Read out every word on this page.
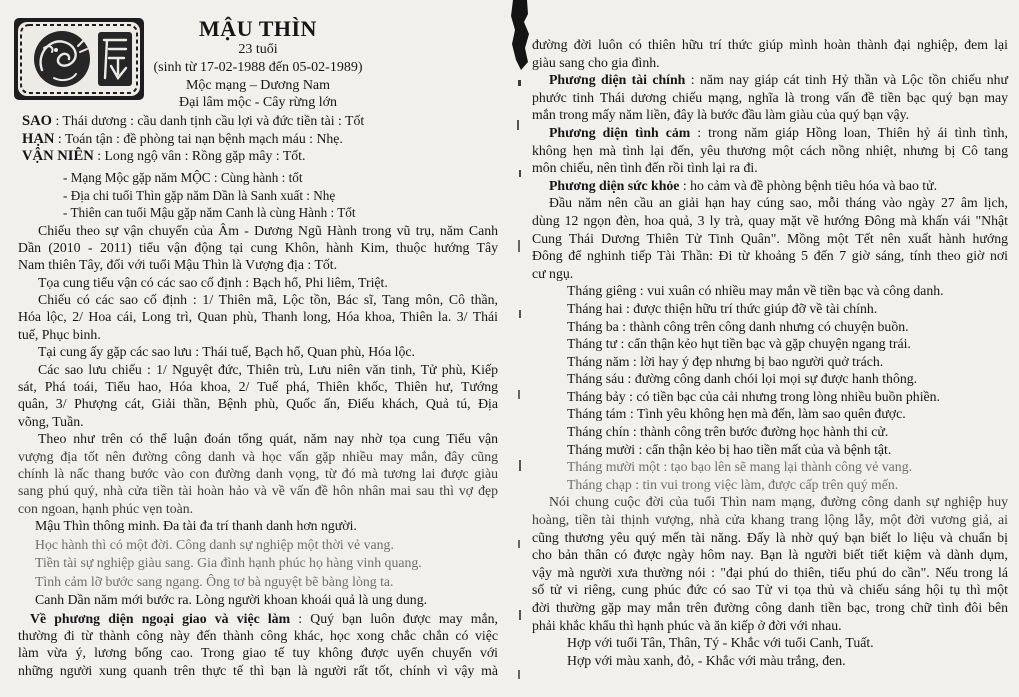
MẬU THÌN
23 tuổi
(sinh từ 17-02-1988 đến 05-02-1989)
Mộc mạng – Dương Nam
Đại lâm mộc - Cây rừng lớn
SAO : Thái dương : cầu danh tịnh cầu lợi và đức tiền tài : Tốt
HẠN : Toán tận : đề phòng tai nạn bệnh mạch máu : Nhẹ.
VẬN NIÊN : Long ngộ vân : Rồng gặp mây : Tốt.
- Mạng Mộc gặp năm MỘC : Cùng hành : tốt
- Địa chi tuổi Thìn gặp năm Dần là Sanh xuất : Nhẹ
- Thiên can tuổi Mậu gặp năm Canh là cùng Hành : Tốt
Chiếu theo sự vận chuyển của Âm - Dương Ngũ Hành trong vũ trụ, năm Canh
Dần (2010 - 2011) tiểu vận động tại cung Khôn, hành Kim, thuộc hướng Tây
Nam thiên Tây, đối với tuổi Mậu Thìn là Vượng địa : Tốt.
Tọa cung tiểu vận có các sao cố định : Bạch hổ, Phi liêm, Triệt.
Chiếu có các sao cố định : 1/ Thiên mã, Lộc tồn, Bác sĩ, Tang môn, Cô thần,
Hóa lộc, 2/ Hoa cái, Long trì, Quan phù, Thanh long, Hóa khoa, Thiên la. 3/ Thái
tuế, Phục binh.
Tại cung ấy gặp các sao lưu : Thái tuế, Bạch hổ, Quan phù, Hóa lộc.
Các sao lưu chiếu : 1/ Nguyệt đức, Thiên trù, Lưu niên văn tinh, Tử phù, Kiếp
sát, Phá toái, Tiểu hao, Hóa khoa, 2/ Tuế phá, Thiên khốc, Thiên hư, Tướng
quân, 3/ Phượng cát, Giải thần, Bệnh phù, Quốc ấn, Điếu khách, Quả tú, Địa
võng, Tuần.
Theo như trên có thể luận đoán tổng quát, năm nay nhờ tọa cung Tiểu vận
vượng địa tốt nên đường công danh và học vấn gặp nhiều may mắn, đây cũng
chính là nấc thang bước vào con đường danh vọng, từ đó mà tương lai được giàu
sang phú quý, nhà cửa tiền tài hoàn hảo và về vấn đề hôn nhân mai sau thì vợ đẹp
con ngoan, hạnh phúc vẹn toàn.
Mậu Thìn thông minh. Đa tài đa trí thanh danh hơn người.
Học hành thì có một đời. Công danh sự nghiệp một thời vẻ vang.
Tiền tài sự nghiệp giàu sang. Gia đình hạnh phúc họ hàng vinh quang.
Tình cảm lỡ bước sang ngang. Ông tơ bà nguyệt bẽ bàng lòng ta.
Canh Dần năm mới bước ra. Lòng người khoan khoái quả là ung dung.
Về phương diện ngoại giao và việc làm : Quý bạn luôn được may mắn,
thường đi từ thành công này đến thành công khác, học xong chắc chắn có việc
làm vừa ý, lương bổng cao. Trong giao tế tuy không được uyển chuyển với
những người xung quanh trên thực tế thì bạn là người rất tốt, chính vì vậy mà
đường đời luôn có thiên hữu trí thức giúp mình hoàn thành đại nghiệp, đem lại
giàu sang cho gia đình.
Phương diện tài chính : năm nay giáp cát tinh Hỷ thần và Lộc tồn chiếu như
phước tinh Thái dương chiếu mạng, nghĩa là trong vấn đề tiền bạc quý bạn may
mắn trong mấy năm liền, đây là bước đầu làm giàu của quý bạn vậy.
Phương diện tình cảm : trong năm giáp Hồng loan, Thiên hỷ ái tình tình,
không hẹn mà tình lại đến, yêu thương một cách nồng nhiệt, nhưng bị Cô tang
môn chiếu, nên tình đến rồi tình lại ra đi.
Phương diện sức khỏe : ho cảm và đề phòng bệnh tiêu hóa và bao tử.
Đầu năm nên cầu an giải hạn hay cúng sao, mỗi tháng vào ngày 27 âm lịch,
dùng 12 ngọn đèn, hoa quả, 3 ly trà, quay mặt về hướng Đông mà khấn vái "Nhật
Cung Thái Dương Thiên Tử Tinh Quân". Mồng một Tết nên xuất hành hướng
Đông để nghinh tiếp Tài Thần: Đi từ khoảng 5 đến 7 giờ sáng, tính theo giờ nơi
cư ngụ.
Tháng giêng : vui xuân có nhiều may mắn về tiền bạc và công danh.
Tháng hai : được thiện hữu trí thức giúp đỡ về tài chính.
Tháng ba : thành công trên công danh nhưng có chuyện buồn.
Tháng tư : cẩn thận kẻo hụt tiền bạc và gặp chuyện ngang trái.
Tháng năm : lời hay ý đẹp nhưng bị bao người quở trách.
Tháng sáu : đường công danh chói lọi mọi sự được hanh thông.
Tháng bảy : có tiền bạc của cải nhưng trong lòng nhiều buồn phiền.
Tháng tám : Tình yêu không hẹn mà đến, làm sao quên được.
Tháng chín : thành công trên bước đường học hành thi cử.
Tháng mười : cẩn thận kẻo bị hao tiền mất của và bệnh tật.
Tháng mười một : tạo bạo lên sẽ mang lại thành công vẻ vang.
Tháng chạp : tin vui trong việc làm, được cấp trên quý mến.
Nói chung cuộc đời của tuổi Thìn nam mạng, đường công danh sự nghiệp huy
hoàng, tiền tài thịnh vượng, nhà cửa khang trang lộng lẫy, một đời vương giả, ai
cũng thương yêu quý mến tài năng. Đấy là nhờ quý bạn biết lo liệu và chuẩn bị
cho bản thân có được ngày hôm nay. Bạn là người biết tiết kiệm và dành dụm,
vậy mà người xưa thường nói : "đại phú do thiên, tiểu phú do cần". Nếu trong lá
số tử vi riêng, cung phúc đức có sao Tử vi tọa thủ và chiếu sáng hội tụ thì một
đời thường gặp may mắn trên đường công danh tiền bạc, trong chữ tình đôi bên
phải khắc khẩu thì hạnh phúc và ăn kiếp ở đời với nhau.
Hợp với tuổi Tân, Thân, Tý - Khắc với tuổi Canh, Tuất.
Hợp với màu xanh, đỏ, - Khắc với màu trắng, đen.
